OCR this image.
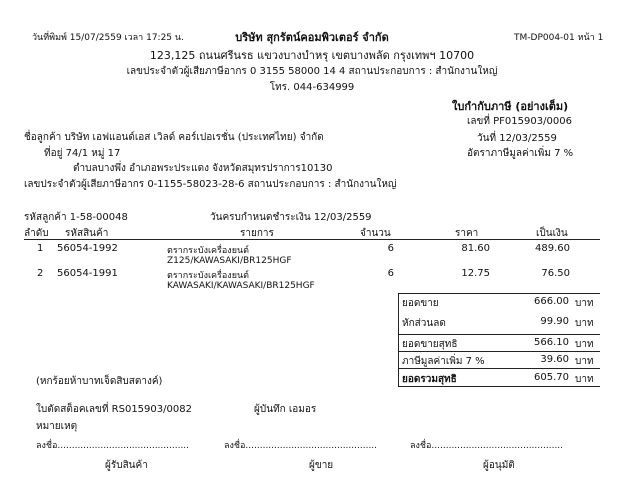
วันที่พิมพ์ 15/07/2559 เวลา 17:25 น.	TM-DP004-01 หน้า 1
บริษัท สุกรัตน์คอมพิวเตอร์ จำกัด
123,125 ถนนศรีนรธ แขวงบางบำหรุ เขตบางพลัด กรุงเทพฯ 10700
เลขประจำตัวผู้เสียภาษีอากร 0 3155 58000 14 4 สถานประกอบการ : สำนักงานใหญ่
โทร. 044-634999
ใบกำกับภาษี (อย่างเต็ม)
เลขที่ PF015903/0006
วันที่ 12/03/2559
อัตราภาษีมูลค่าเพิ่ม 7 %
ชื่อลูกค้า บริษัท เอฟแอนด์เอส เวิลด์ คอร์เปอเรชั่น (ประเทศไทย) จำกัด
ที่อยู่ 74/1 หมู่ 17
ตำบลบางพึ่ง อำเภอพระประแดง จังหวัดสมุทรปราการ10130
เลขประจำตัวผู้เสียภาษีอากร 0-1155-58023-28-6 สถานประกอบการ : สำนักงานใหญ่
รหัสลูกค้า 1-58-00048	วันครบกำหนดชำระเงิน 12/03/2559
ลำดับ รหัสสินค้า	รายการ	จำนวน	ราคา	เป็นเงิน
1 56054-1992	ตรากระบังเครื่องยนต์
Z125/KAWASAKI/BR125HGF
6	81.60	489.60
2 56054-1991	ตรากระบังเครื่องยนต์
KAWASAKI/KAWASAKI/BR125HGF
6	12.75	76.50
ยอดขาย	666.00 บาท
หักส่วนลด	99.90 บาท
ยอดขายสุทธิ	566.10 บาท
ภาษีมูลค่าเพิ่ม 7 %	39.60 บาท
ยอดรวมสุทธิ	605.70 บาท
(หกร้อยห้าบาทเจ็ดสิบสตางค์)
ใบตัดสต็อคเลขที่ RS015903/0082	ผู้บันทึก เอมอร
หมายเหตุ
ลงชื่อ..............................................	ลงชื่อ..............................................	ลงชื่อ..............................................
ผู้รับสินค้า	ผู้ขาย	ผู้อนุมัติ
